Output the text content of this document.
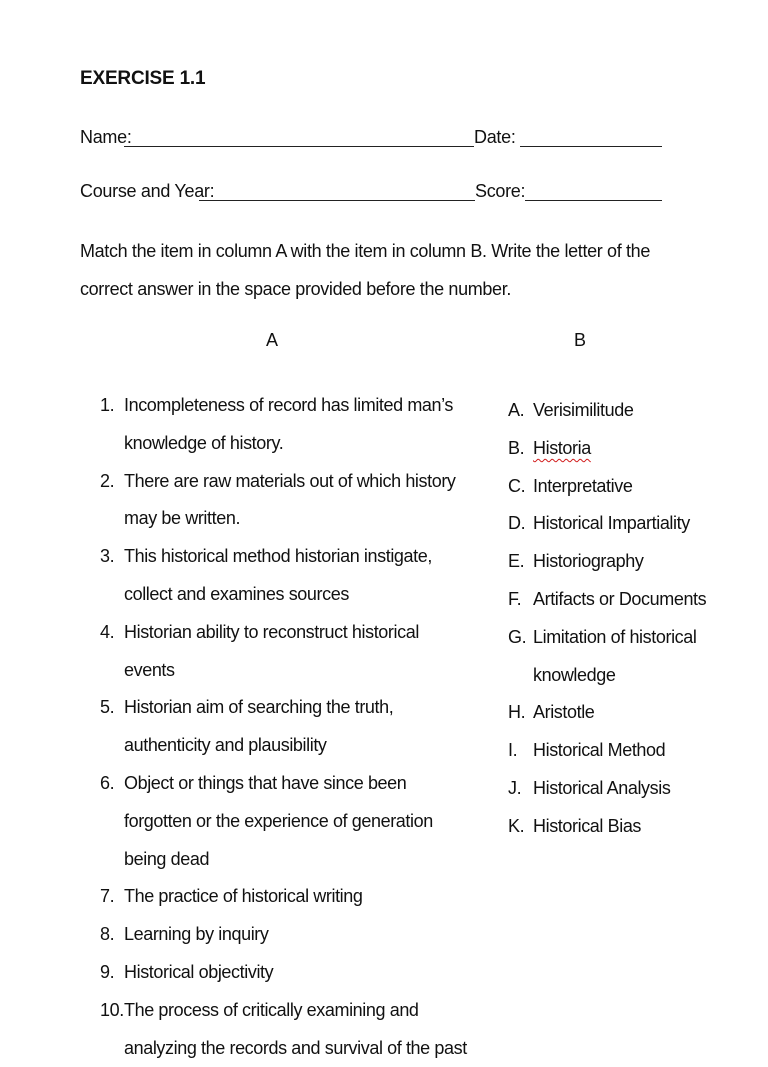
EXERCISE 1.1
Name:	Date:
Course and Year:	Score:
Match the item in column A with the item in column B. Write the letter of the correct answer in the space provided before the number.
A	B
1. Incompleteness of record has limited man’s knowledge of history.
2. There are raw materials out of which history may be written.
3. This historical method historian instigate, collect and examines sources
4. Historian ability to reconstruct historical events
5. Historian aim of searching the truth, authenticity and plausibility
6. Object or things that have since been forgotten or the experience of generation being dead
7. The practice of historical writing
8. Learning by inquiry
9. Historical objectivity
10. The process of critically examining and analyzing the records and survival of the past
A. Verisimilitude
B. Historia
C. Interpretative
D. Historical Impartiality
E. Historiography
F. Artifacts or Documents
G. Limitation of historical knowledge
H. Aristotle
I. Historical Method
J. Historical Analysis
K. Historical Bias
